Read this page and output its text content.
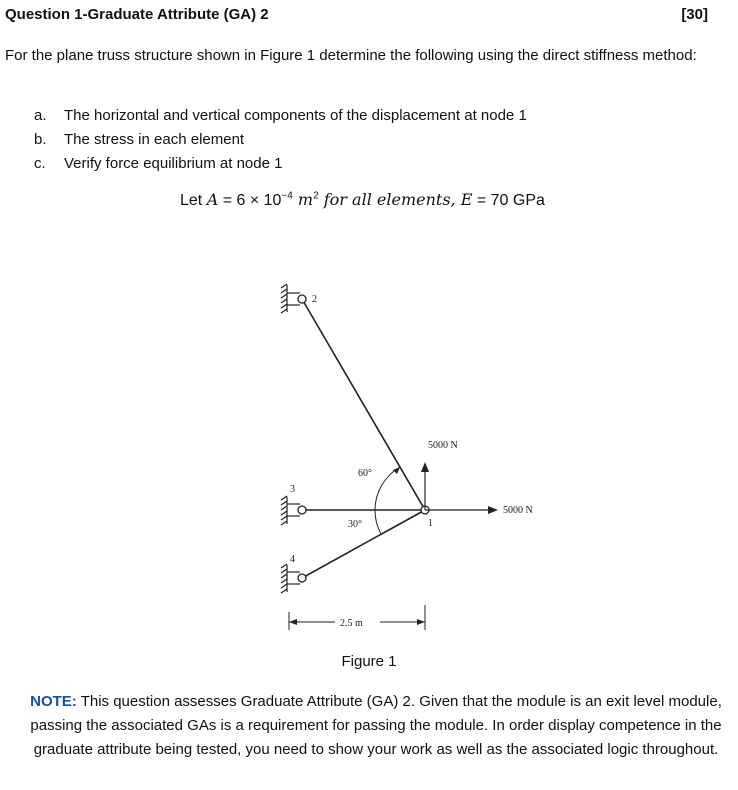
Question 1-Graduate Attribute (GA) 2	[30]
For the plane truss structure shown in Figure 1 determine the following using the direct stiffness method:
a.	The horizontal and vertical components of the displacement at node 1
b.	The stress in each element
c.	Verify force equilibrium at node 1
Let $A = 6 \times 10^{-4}$ $m^2$ for all elements, E = 70 GPa
2
3
4
1
60°
30°
5000 N
5000 N
2.5 m
Figure 1
NOTE: This question assesses Graduate Attribute (GA) 2. Given that the module is an exit level module, passing the associated GAs is a requirement for passing the module. In order display competence in the graduate attribute being tested, you need to show your work as well as the associated logic throughout.
